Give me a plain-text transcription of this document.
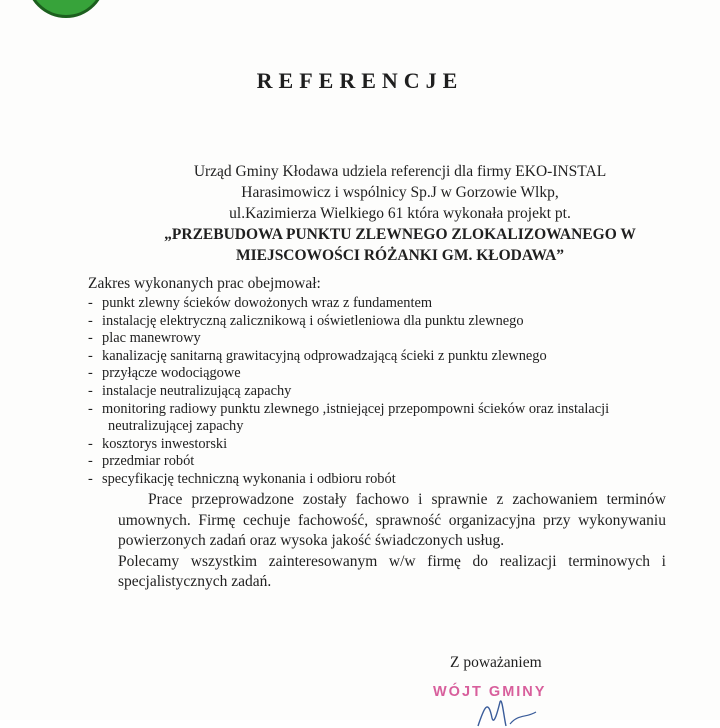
REFERENCJE
Urząd Gminy Kłodawa udziela referencji dla firmy EKO-INSTAL
Harasimowicz i wspólnicy Sp.J w Gorzowie Wlkp,
ul.Kazimierza Wielkiego 61 która wykonała projekt pt.
„PRZEBUDOWA PUNKTU ZLEWNEGO ZLOKALIZOWANEGO W
MIEJSCOWOŚCI RÓŻANKI GM. KŁODAWA”
Zakres wykonanych prac obejmował:
- punkt zlewny ścieków dowożonych wraz z fundamentem
- instalację elektryczną zalicznikową i oświetleniowa dla punktu zlewnego
- plac manewrowy
- kanalizację sanitarną grawitacyjną odprowadzającą ścieki z punktu zlewnego
- przyłącze wodociągowe
- instalacje neutralizującą zapachy
- monitoring radiowy punktu zlewnego ,istniejącej przepompowni ścieków oraz instalacji
neutralizującej zapachy
- kosztorys inwestorski
- przedmiar robót
- specyfikację techniczną wykonania i odbioru robót

Prace przeprowadzone zostały fachowo i sprawnie z zachowaniem terminów umownych. Firmę cechuje fachowość, sprawność organizacyjna przy wykonywaniu powierzonych zadań oraz wysoka jakość świadczonych usług.

Polecamy wszystkim zainteresowanym w/w firmę do realizacji terminowych i specjalistycznych zadań.

Z poważaniem
WÓJT GMINY
